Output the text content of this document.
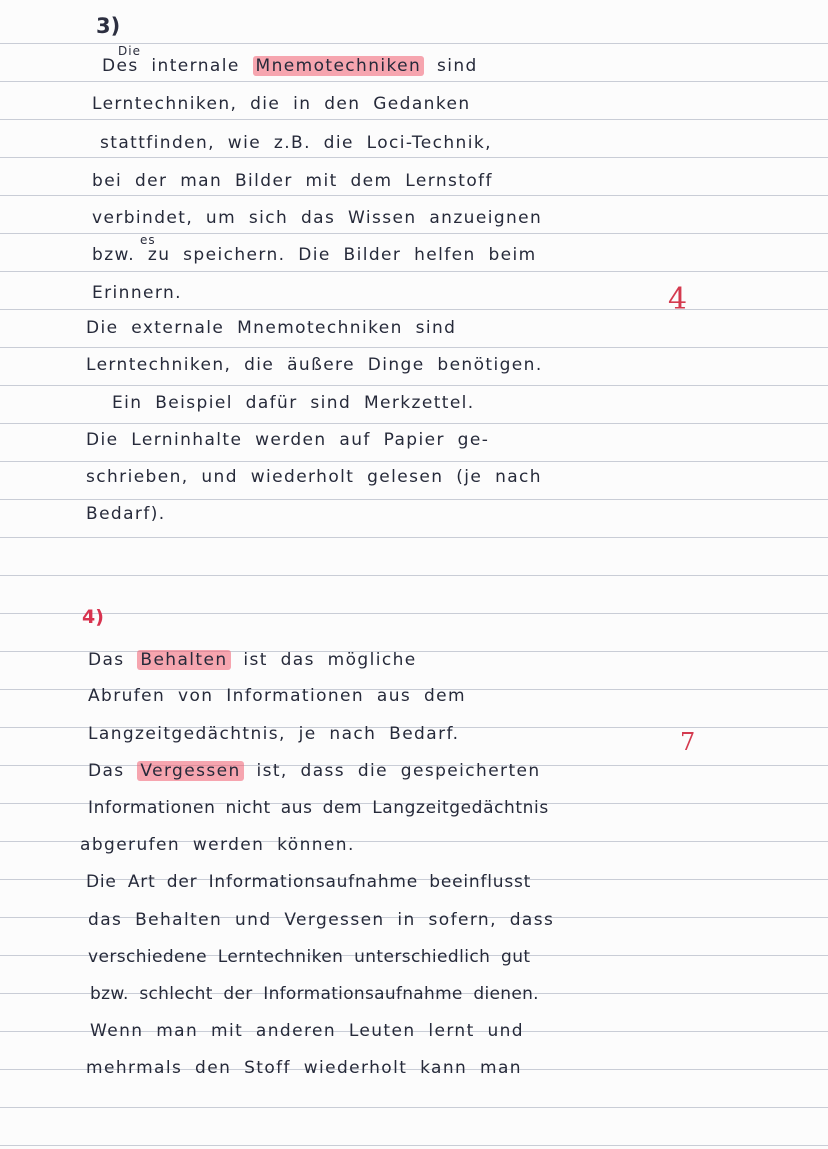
3)

Die

es

Des internale Mnemotechniken sind

Lerntechniken, die in den Gedanken

stattfinden, wie z.B. die Loci-Technik,

bei der man Bilder mit dem Lernstoff

verbindet, um sich das Wissen anzueignen

bzw. zu speichern. Die Bilder helfen beim

Erinnern.

Die externale Mnemotechniken sind

Lerntechniken, die äußere Dinge benötigen.

Ein Beispiel dafür sind Merkzettel.

Die Lerninhalte werden auf Papier ge-

schrieben, und wiederholt gelesen (je nach

Bedarf).

4

4)

Das Behalten ist das mögliche

Abrufen von Informationen aus dem

Langzeitgedächtnis, je nach Bedarf.

Das Vergessen ist, dass die gespeicherten

Informationen nicht aus dem Langzeitgedächtnis

abgerufen werden können.

Die Art der Informationsaufnahme beeinflusst

das Behalten und Vergessen in sofern, dass

verschiedene Lerntechniken unterschiedlich gut

bzw. schlecht der Informationsaufnahme dienen.

Wenn man mit anderen Leuten lernt und

mehrmals den Stoff wiederholt kann man

7
